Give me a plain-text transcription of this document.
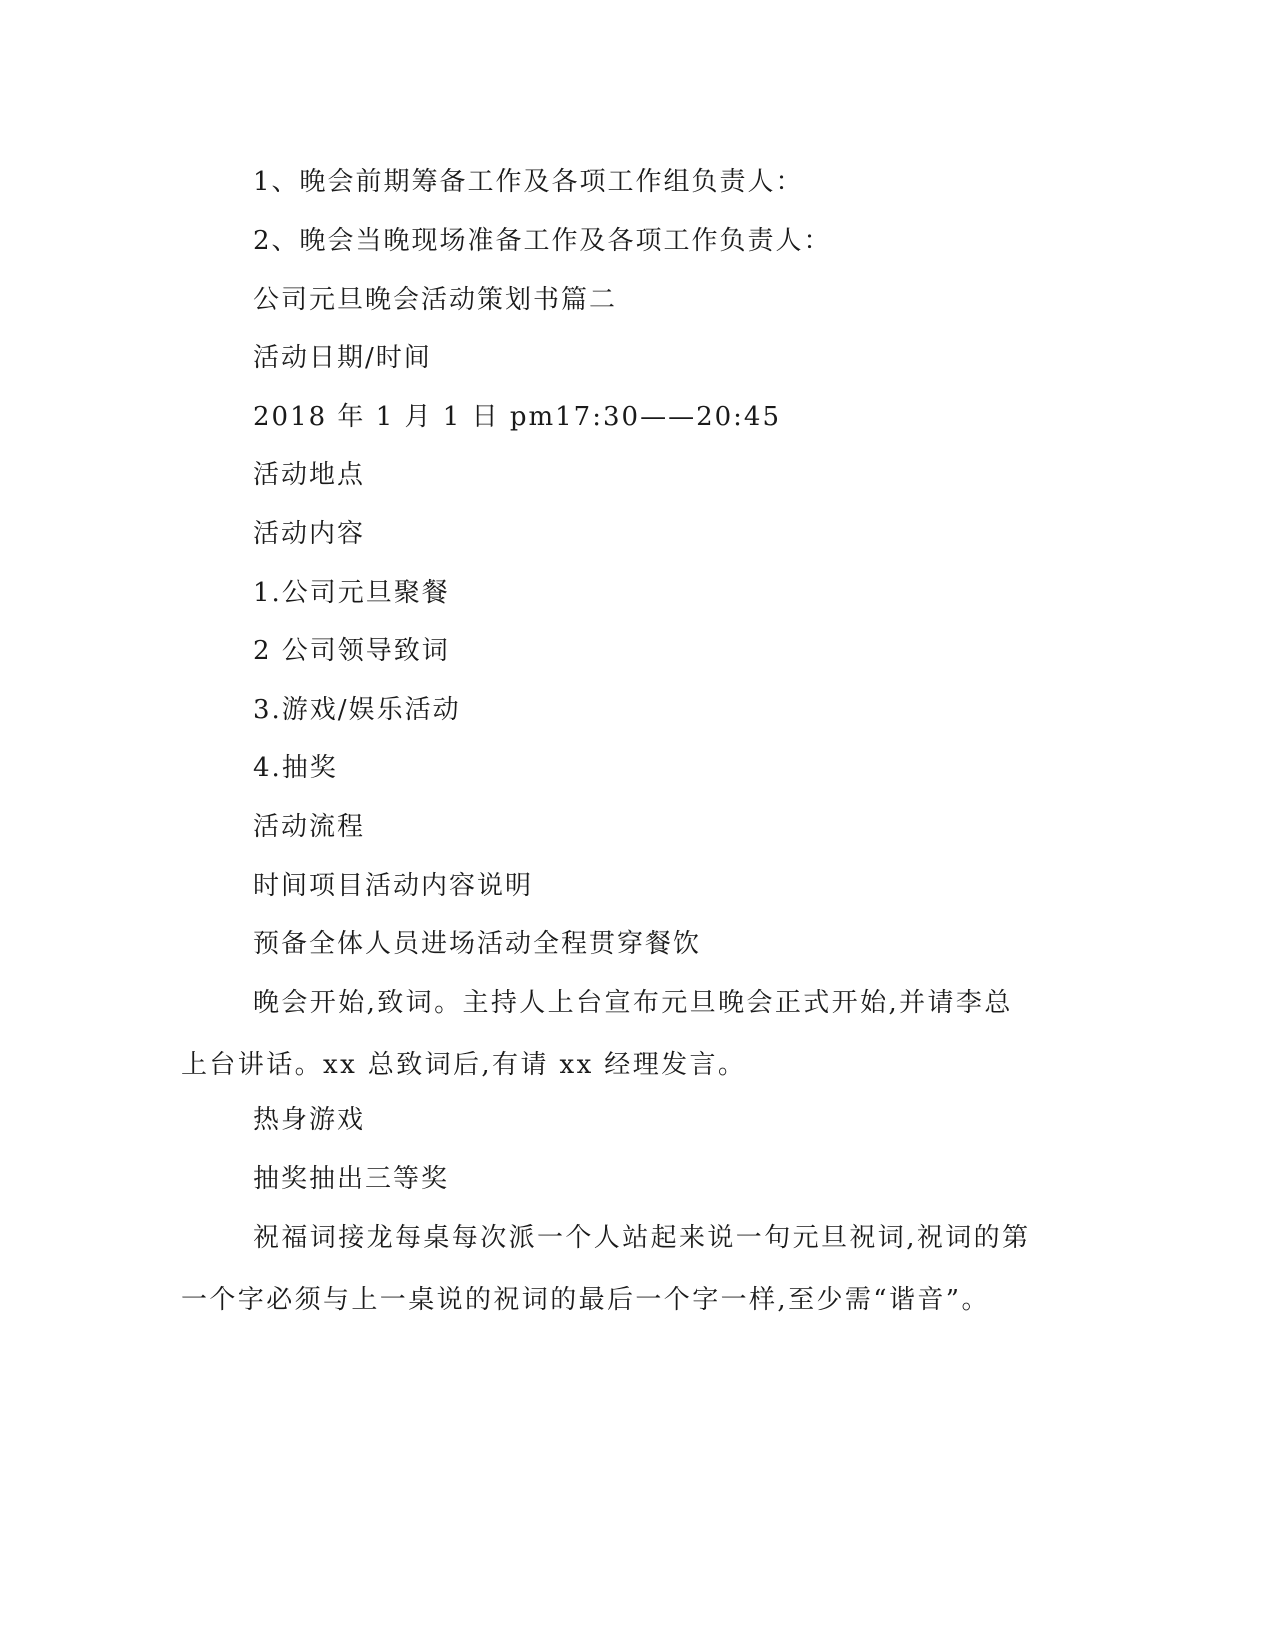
1、晚会前期筹备工作及各项工作组负责人：

2、晚会当晚现场准备工作及各项工作负责人：

公司元旦晚会活动策划书篇二

活动日期/时间

2018 年 1 月 1 日 pm17:30——20:45

活动地点

活动内容

1.公司元旦聚餐

2 公司领导致词

3.游戏/娱乐活动

4.抽奖

活动流程

时间项目活动内容说明

预备全体人员进场活动全程贯穿餐饮

晚会开始,致词。主持人上台宣布元旦晚会正式开始,并请李总上台讲话。xx 总致词后,有请 xx 经理发言。

热身游戏

抽奖抽出三等奖

祝福词接龙每桌每次派一个人站起来说一句元旦祝词,祝词的第一个字必须与上一桌说的祝词的最后一个字一样,至少需“谐音”。
